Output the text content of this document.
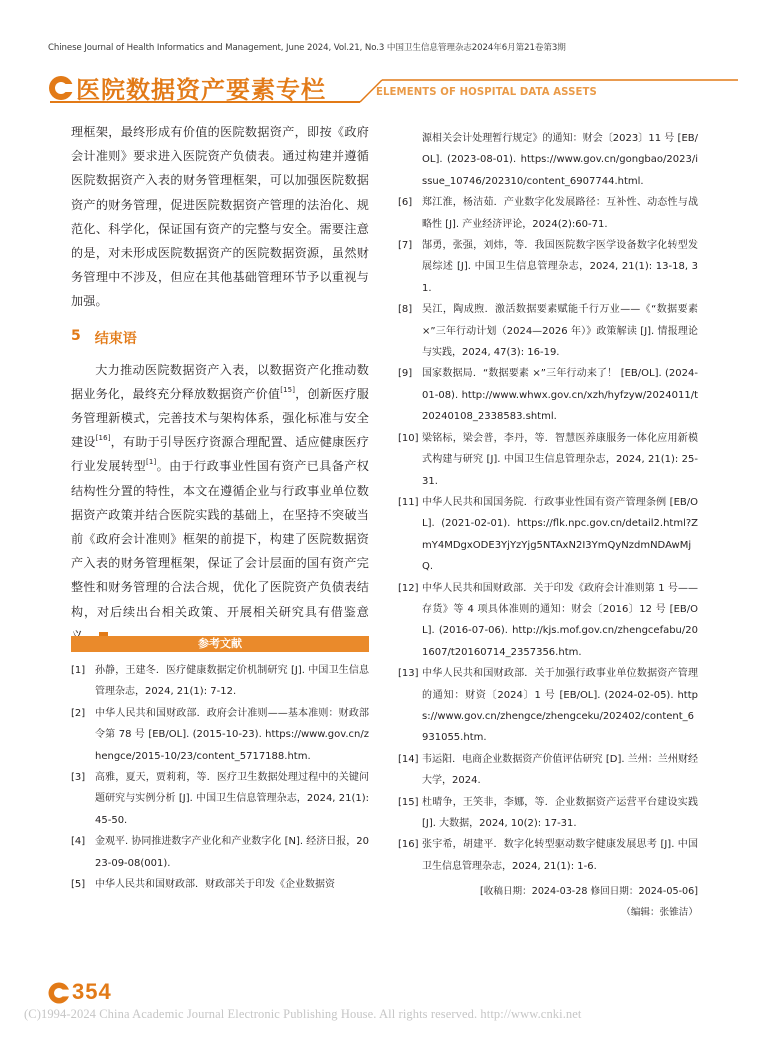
Chinese Journal of Health Informatics and Management, June 2024, Vol.21, No.3 中国卫生信息管理杂志2024年6月第21卷第3期
医院数据资产要素专栏	ELEMENTS OF HOSPITAL DATA ASSETS

理框架，最终形成有价值的医院数据资产，即按《政府会计准则》要求进入医院资产负债表。通过构建并遵循医院数据资产入表的财务管理框架，可以加强医院数据资产的财务管理，促进医院数据资产管理的法治化、规范化、科学化，保证国有资产的完整与安全。需要注意的是，对未形成医院数据资产的医院数据资源，虽然财务管理中不涉及，但应在其他基础管理环节予以重视与加强。

5 结束语

大力推动医院数据资产入表，以数据资产化推动数据业务化，最终充分释放数据资产价值[15]，创新医疗服务管理新模式，完善技术与架构体系，强化标准与安全建设[16]，有助于引导医疗资源合理配置、适应健康医疗行业发展转型[1]。由于行政事业性国有资产已具备产权结构性分置的特性，本文在遵循企业与行政事业单位数据资产政策并结合医院实践的基础上，在坚持不突破当前《政府会计准则》框架的前提下，构建了医院数据资产入表的财务管理框架，保证了会计层面的国有资产完整性和财务管理的合法合规，优化了医院资产负债表结构，对后续出台相关政策、开展相关研究具有借鉴意

参考文献
[1] 孙静，王建冬．医疗健康数据定价机制研究 [J]. 中国卫生信息管理杂志，2024, 21(1): 7-12.
[2] 中华人民共和国财政部．政府会计准则——基本准则：财政部令第 78 号 [EB/OL]. (2015-10-23). https://www.gov.cn/zhengce/2015-10/23/content_5717188.htm.
[3] 高雅，夏天，贾莉莉，等．医疗卫生数据处理过程中的关键问题研究与实例分析 [J]. 中国卫生信息管理杂志，2024, 21(1): 45-50.
[4] 金观平. 协同推进数字产业化和产业数字化 [N]. 经济日报，2023-09-08(001).
[5] 中华人民共和国财政部．财政部关于印发《企业数据资
源相关会计处理暂行规定》的通知：财会〔2023〕11 号 [EB/OL]. (2023-08-01). https://www.gov.cn/gongbao/2023/issue_10746/202310/content_6907744.html.
[6] 郑江淮，杨洁茹．产业数字化发展路径：互补性、动态性与战略性 [J]. 产业经济评论，2024(2):60-71.
[7] 郜勇，张强，刘炜，等．我国医院数字医学设备数字化转型发展综述 [J]. 中国卫生信息管理杂志，2024, 21(1): 13-18, 31.
[8] 吴江，陶成煦．激活数据要素赋能千行万业——《“数据要素 ×”三年行动计划（2024—2026 年）》政策解读 [J]. 情报理论与实践，2024, 47(3): 16-19.
[9] 国家数据局．“数据要素 ×”三年行动来了！ [EB/OL]. (2024-01-08). http://www.whwx.gov.cn/xzh/hyfzyw/2024011/t20240108_2338583.shtml.
[10] 梁铭标，梁会普，李丹，等．智慧医养康服务一体化应用新模式构建与研究 [J]. 中国卫生信息管理杂志，2024, 21(1): 25-31.
[11] 中华人民共和国国务院．行政事业性国有资产管理条例 [EB/OL]. (2021-02-01). https://flk.npc.gov.cn/detail2.html?ZmY4MDgxODE3YjYzYjg5NTAxN2I3YmQyNzdmNDAwMjQ.
[12] 中华人民共和国财政部．关于印发《政府会计准则第 1 号——存货》等 4 项具体准则的通知：财会〔2016〕12 号 [EB/OL]. (2016-07-06). http://kjs.mof.gov.cn/zhengcefabu/201607/t20160714_2357356.htm.
[13] 中华人民共和国财政部．关于加强行政事业单位数据资产管理的通知：财资〔2024〕1 号 [EB/OL]. (2024-02-05). https://www.gov.cn/zhengce/zhengceku/202402/content_6931055.htm.
[14] 韦运阳．电商企业数据资产价值评估研究 [D]. 兰州：兰州财经大学，2024.
[15] 杜晴争，王笑非，李娜，等．企业数据资产运营平台建设实践 [J]. 大数据，2024, 10(2): 17-31.
[16] 张宇希，胡建平．数字化转型驱动数字健康发展思考 [J]. 中国卫生信息管理杂志，2024, 21(1): 1-6.
[收稿日期：2024-03-28 修回日期：2024-05-06]
（编辑：张锥洁）
354
(C)1994-2024 China Academic Journal Electronic Publishing House. All rights reserved. http://www.cnki.net
